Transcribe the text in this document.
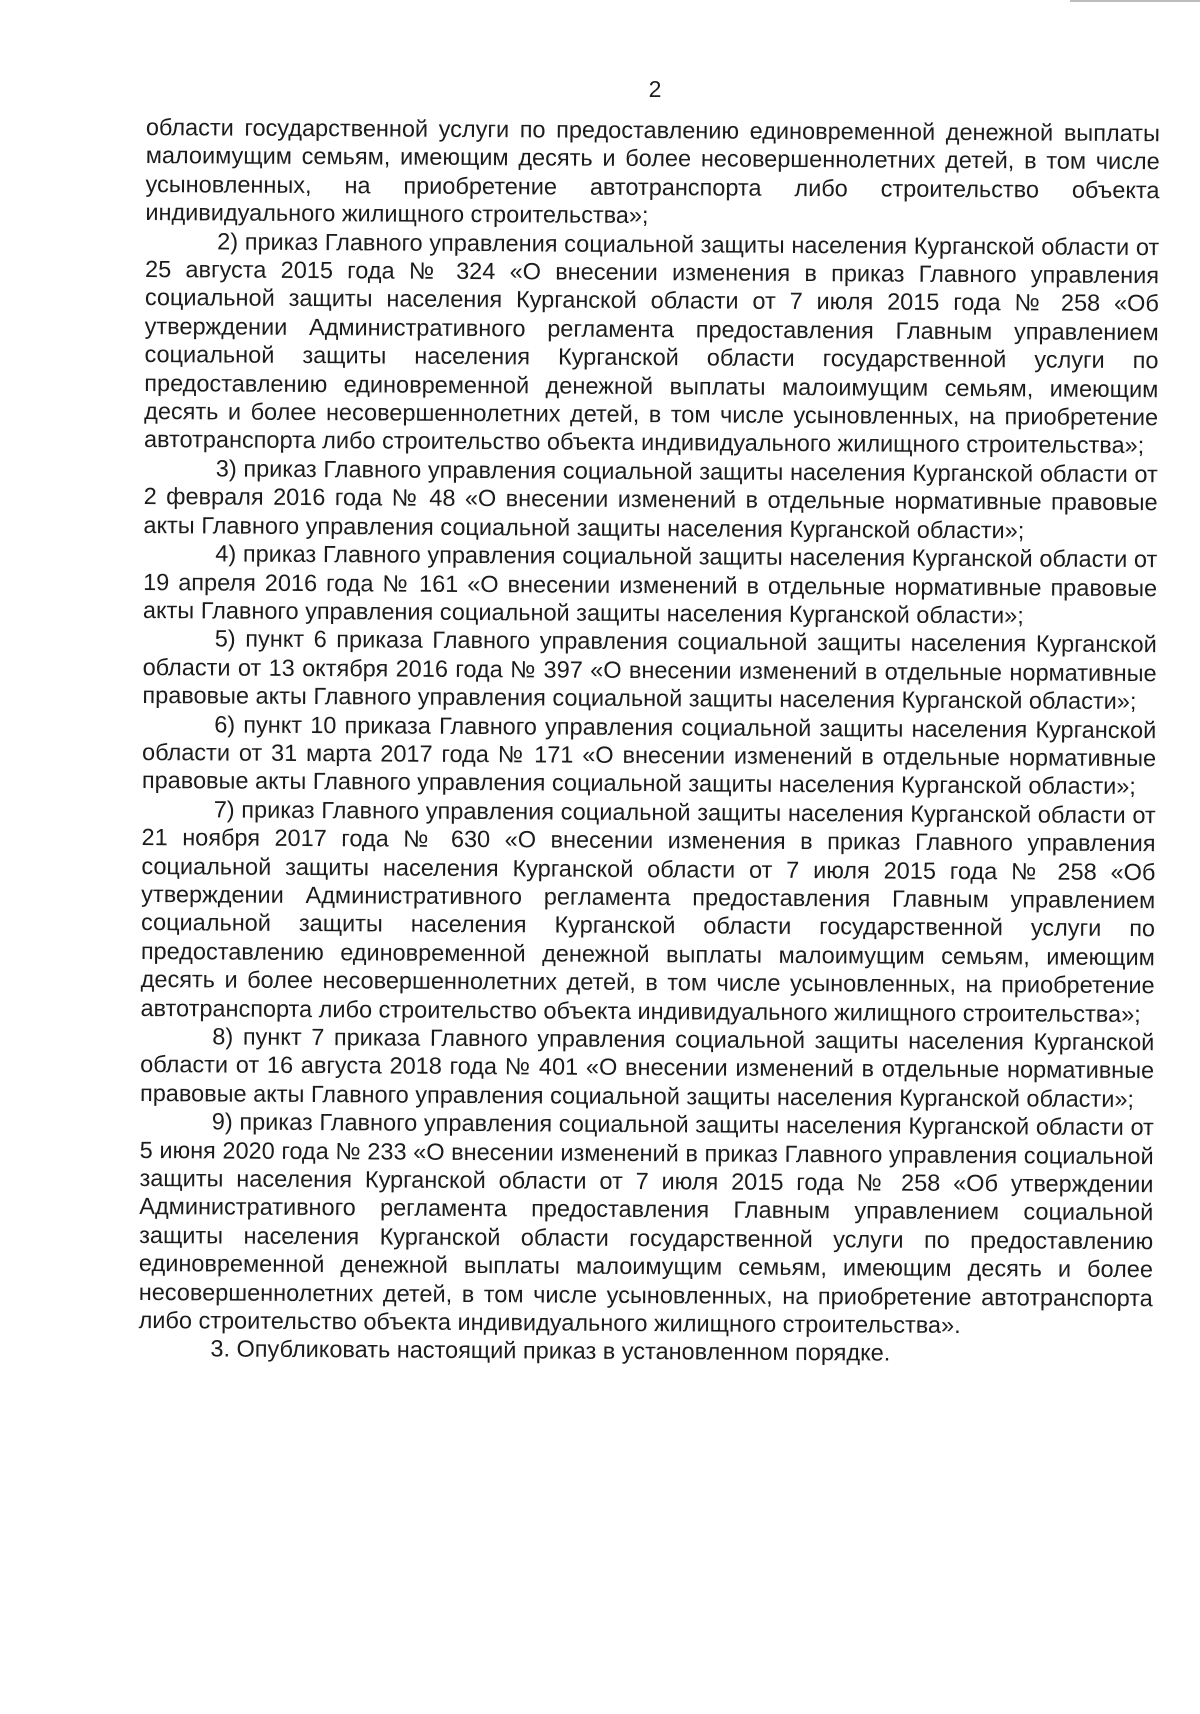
2

области государственной услуги по предоставлению единовременной денежной выплаты малоимущим семьям, имеющим десять и более несовершеннолетних детей, в том числе усыновленных, на приобретение автотранспорта либо строительство объекта индивидуального жилищного строительства»;

2) приказ Главного управления социальной защиты населения Курганской области от 25 августа 2015 года № 324 «О внесении изменения в приказ Главного управления социальной защиты населения Курганской области от 7 июля 2015 года № 258 «Об утверждении Административного регламента предоставления Главным управлением социальной защиты населения Курганской области государственной услуги по предоставлению единовременной денежной выплаты малоимущим семьям, имеющим десять и более несовершеннолетних детей, в том числе усыновленных, на приобретение автотранспорта либо строительство объекта индивидуального жилищного строительства»;

3) приказ Главного управления социальной защиты населения Курганской области от 2 февраля 2016 года № 48 «О внесении изменений в отдельные нормативные правовые акты Главного управления социальной защиты населения Курганской области»;

4) приказ Главного управления социальной защиты населения Курганской области от 19 апреля 2016 года № 161 «О внесении изменений в отдельные нормативные правовые акты Главного управления социальной защиты населения Курганской области»;

5) пункт 6 приказа Главного управления социальной защиты населения Курганской области от 13 октября 2016 года № 397 «О внесении изменений в отдельные нормативные правовые акты Главного управления социальной защиты населения Курганской области»;

6) пункт 10 приказа Главного управления социальной защиты населения Курганской области от 31 марта 2017 года № 171 «О внесении изменений в отдельные нормативные правовые акты Главного управления социальной защиты населения Курганской области»;

7) приказ Главного управления социальной защиты населения Курганской области от 21 ноября 2017 года № 630 «О внесении изменения в приказ Главного управления социальной защиты населения Курганской области от 7 июля 2015 года № 258 «Об утверждении Административного регламента предоставления Главным управлением социальной защиты населения Курганской области государственной услуги по предоставлению единовременной денежной выплаты малоимущим семьям, имеющим десять и более несовершеннолетних детей, в том числе усыновленных, на приобретение автотранспорта либо строительство объекта индивидуального жилищного строительства»;

8) пункт 7 приказа Главного управления социальной защиты населения Курганской области от 16 августа 2018 года № 401 «О внесении изменений в отдельные нормативные правовые акты Главного управления социальной защиты населения Курганской области»;

9) приказ Главного управления социальной защиты населения Курганской области от 5 июня 2020 года № 233 «О внесении изменений в приказ Главного управления социальной защиты населения Курганской области от 7 июля 2015 года № 258 «Об утверждении Административного регламента предоставления Главным управлением социальной защиты населения Курганской области государственной услуги по предоставлению единовременной денежной выплаты малоимущим семьям, имеющим десять и более несовершеннолетних детей, в том числе усыновленных, на приобретение автотранспорта либо строительство объекта индивидуального жилищного строительства».

3. Опубликовать настоящий приказ в установленном порядке.
